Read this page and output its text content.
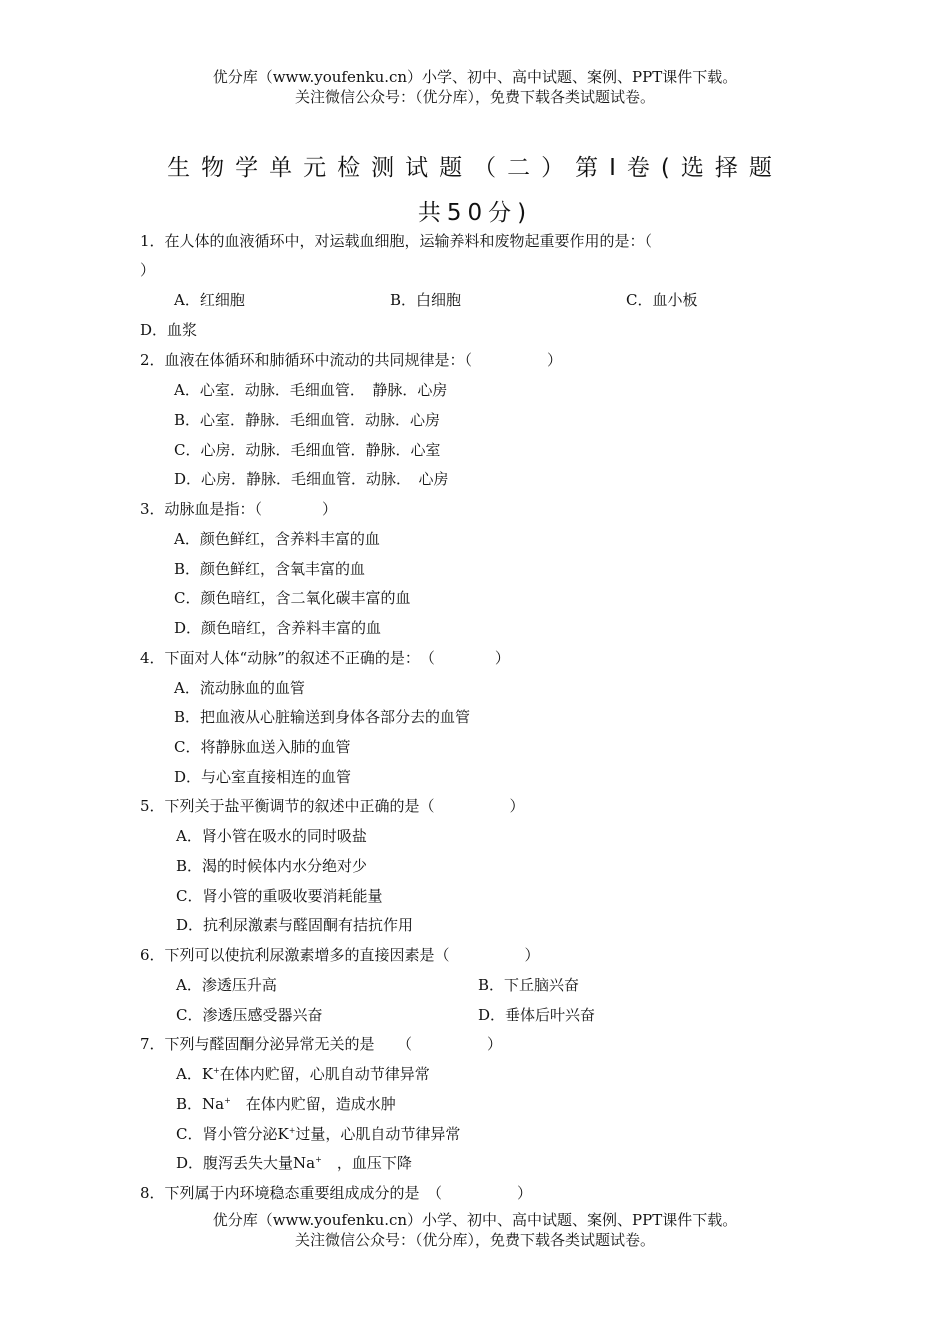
优分库（www.youfenku.cn）小学、初中、高中试题、案例、PPT课件下载。
关注微信公众号：（优分库），免费下载各类试题试卷。
生物学单元检测试题（二）第Ⅰ卷(选择题
共50分)
1．在人体的血液循环中，对运载血细胞，运输养料和废物起重要作用的是：（
）
A．红细胞	B．白细胞	C．血小板
D．血浆
2．血液在体循环和肺循环中流动的共同规律是：（　　　　　）
A．心室．动脉．毛细血管．　静脉．心房
B．心室．静脉．毛细血管．动脉．心房
C．心房．动脉．毛细血管．静脉．心室
D．心房．静脉．毛细血管．动脉．　心房
3．动脉血是指：（　　　　）
A．颜色鲜红，含养料丰富的血
B．颜色鲜红，含氧丰富的血
C．颜色暗红，含二氧化碳丰富的血
D．颜色暗红，含养料丰富的血
4．下面对人体“动脉”的叙述不正确的是：　（　　　　）
A．流动脉血的血管
B．把血液从心脏输送到身体各部分去的血管
C．将静脉血送入肺的血管
D．与心室直接相连的血管
5．下列关于盐平衡调节的叙述中正确的是（　　　　　）
A．肾小管在吸水的同时吸盐
B．渴的时候体内水分绝对少
C．肾小管的重吸收要消耗能量
D．抗利尿激素与醛固酮有拮抗作用
6．下列可以使抗利尿激素增多的直接因素是（　　　　　）
A．渗透压升高	B．下丘脑兴奋
C．渗透压感受器兴奋	D．垂体后叶兴奋
7．下列与醛固酮分泌异常无关的是　　（　　　　　）
A．K+在体内贮留，心肌自动节律异常
B．Na+　在体内贮留，造成水肿
C．肾小管分泌K+过量，心肌自动节律异常
D．腹泻丢失大量Na+　，血压下降
8．下列属于内环境稳态重要组成成分的是　（　　　　　）
优分库（www.youfenku.cn）小学、初中、高中试题、案例、PPT课件下载。
关注微信公众号：（优分库），免费下载各类试题试卷。
